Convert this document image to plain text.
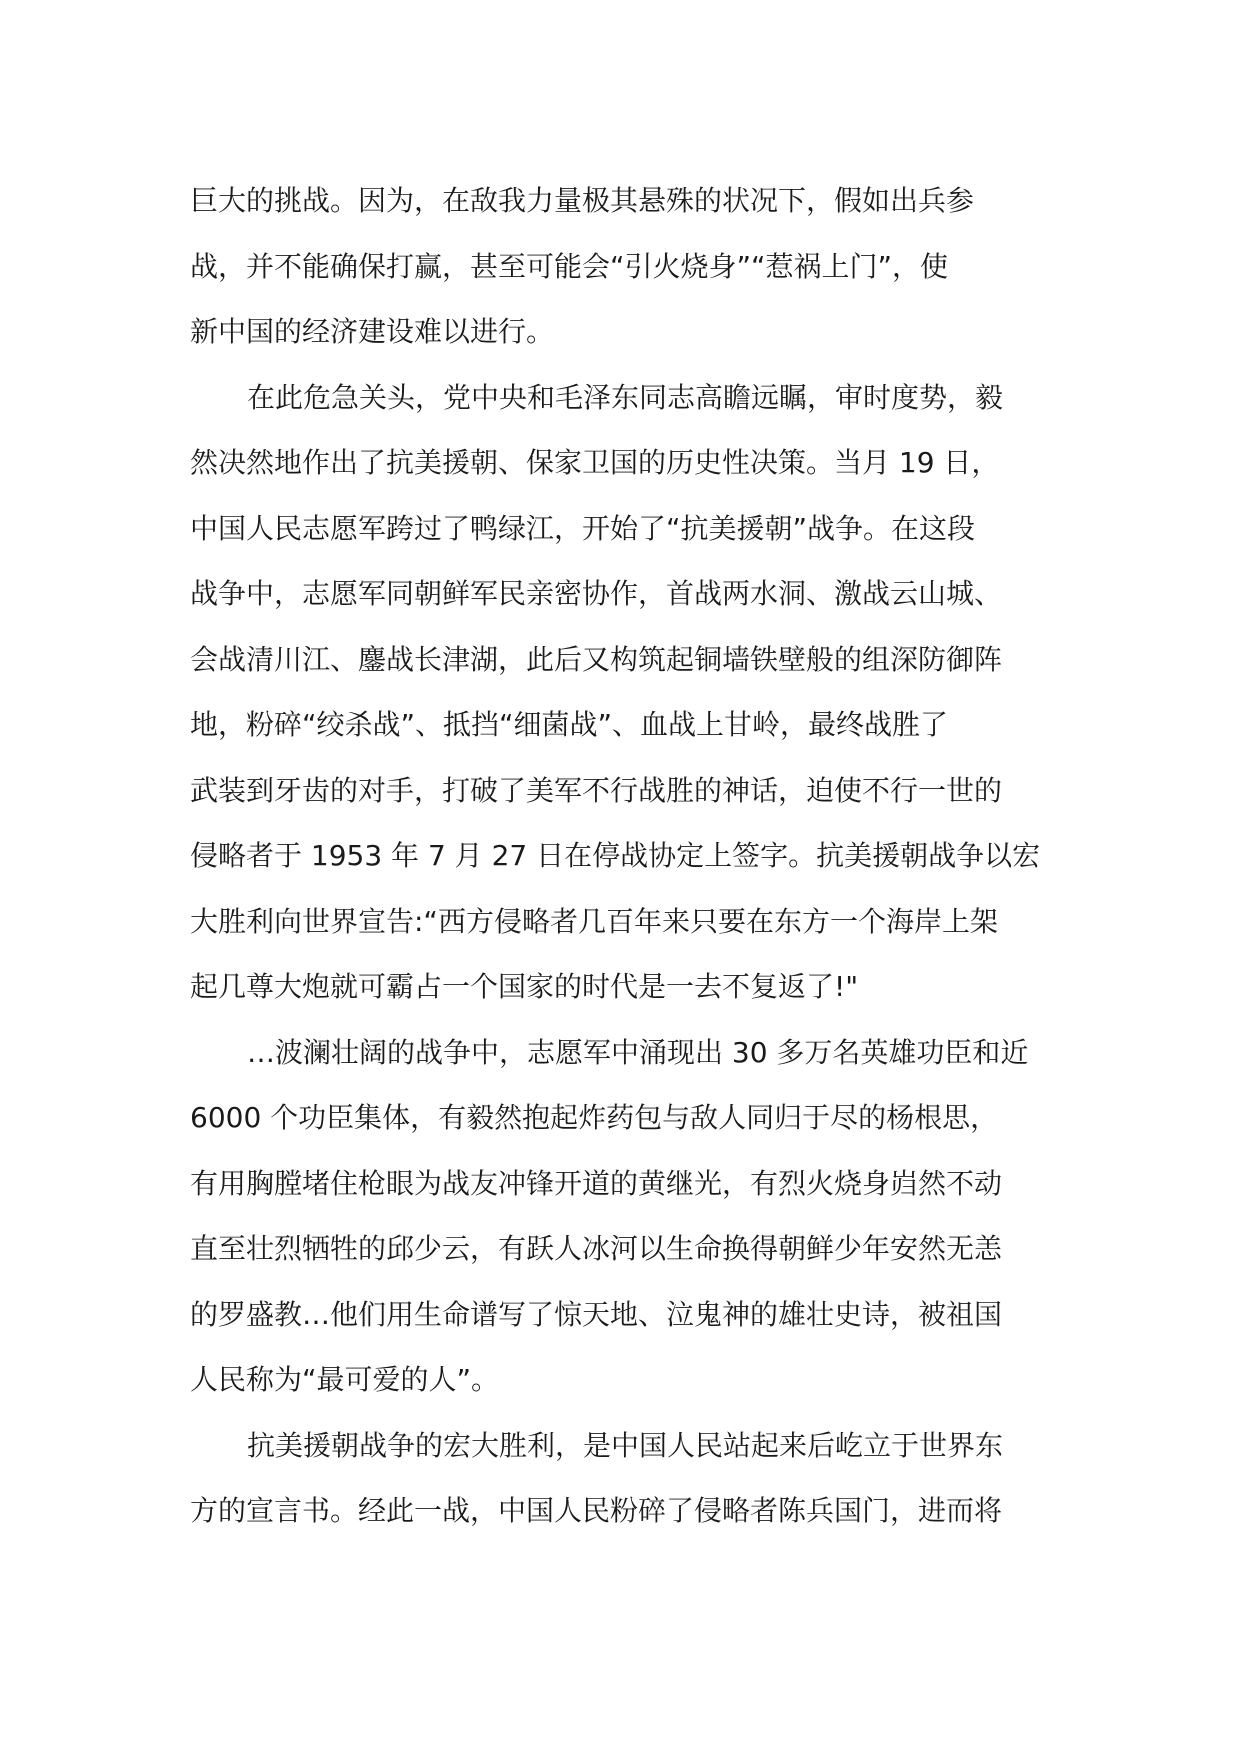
巨大的挑战。因为，在敌我力量极其悬殊的状况下，假如出兵参
战，并不能确保打赢，甚至可能会“引火烧身”“惹祸上门”，使
新中国的经济建设难以进行。
在此危急关头，党中央和毛泽东同志高瞻远瞩，审时度势，毅
然决然地作出了抗美援朝、保家卫国的历史性决策。当月 19 日，
中国人民志愿军跨过了鸭绿江，开始了“抗美援朝”战争。在这段
战争中，志愿军同朝鲜军民亲密协作，首战两水洞、激战云山城、
会战清川江、鏖战长津湖，此后又构筑起铜墙铁壁般的组深防御阵
地，粉碎“绞杀战”、抵挡“细菌战”、血战上甘岭，最终战胜了
武装到牙齿的对手，打破了美军不行战胜的神话，迫使不行一世的
侵略者于 1953 年 7 月 27 日在停战协定上签字。抗美援朝战争以宏
大胜利向世界宣告:“西方侵略者几百年来只要在东方一个海岸上架
起几尊大炮就可霸占一个国家的时代是一去不复返了!"
…波澜壮阔的战争中，志愿军中涌现出 30 多万名英雄功臣和近
6000 个功臣集体，有毅然抱起炸药包与敌人同归于尽的杨根思，
有用胸膛堵住枪眼为战友冲锋开道的黄继光，有烈火烧身岿然不动
直至壮烈牺牲的邱少云，有跃人冰河以生命换得朝鲜少年安然无恙
的罗盛教…他们用生命谱写了惊天地、泣鬼神的雄壮史诗，被祖国
人民称为“最可爱的人”。
抗美援朝战争的宏大胜利，是中国人民站起来后屹立于世界东
方的宣言书。经此一战，中国人民粉碎了侵略者陈兵国门，进而将
